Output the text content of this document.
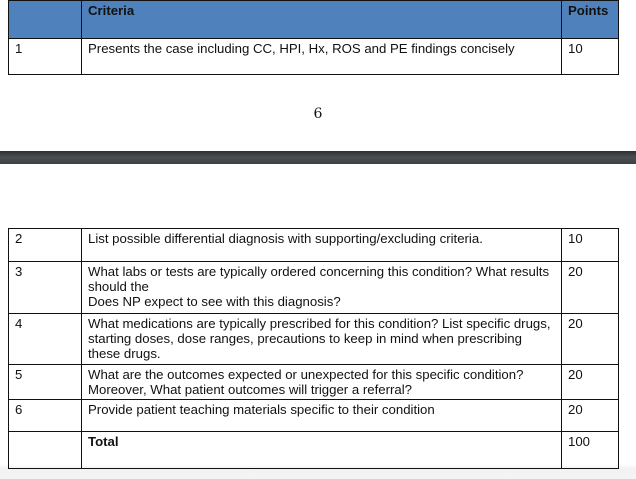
	Criteria	Points
1	Presents the case including CC, HPI, Hx, ROS and PE findings concisely	10
6
2	List possible differential diagnosis with supporting/excluding criteria.	10
3	What labs or tests are typically ordered concerning this condition? What results should the
Does NP expect to see with this diagnosis?	20
4	What medications are typically prescribed for this condition? List specific drugs, starting doses, dose ranges, precautions to keep in mind when prescribing these drugs.	20
5	What are the outcomes expected or unexpected for this specific condition? Moreover, What patient outcomes will trigger a referral?	20
6	Provide patient teaching materials specific to their condition	20
	Total	100
